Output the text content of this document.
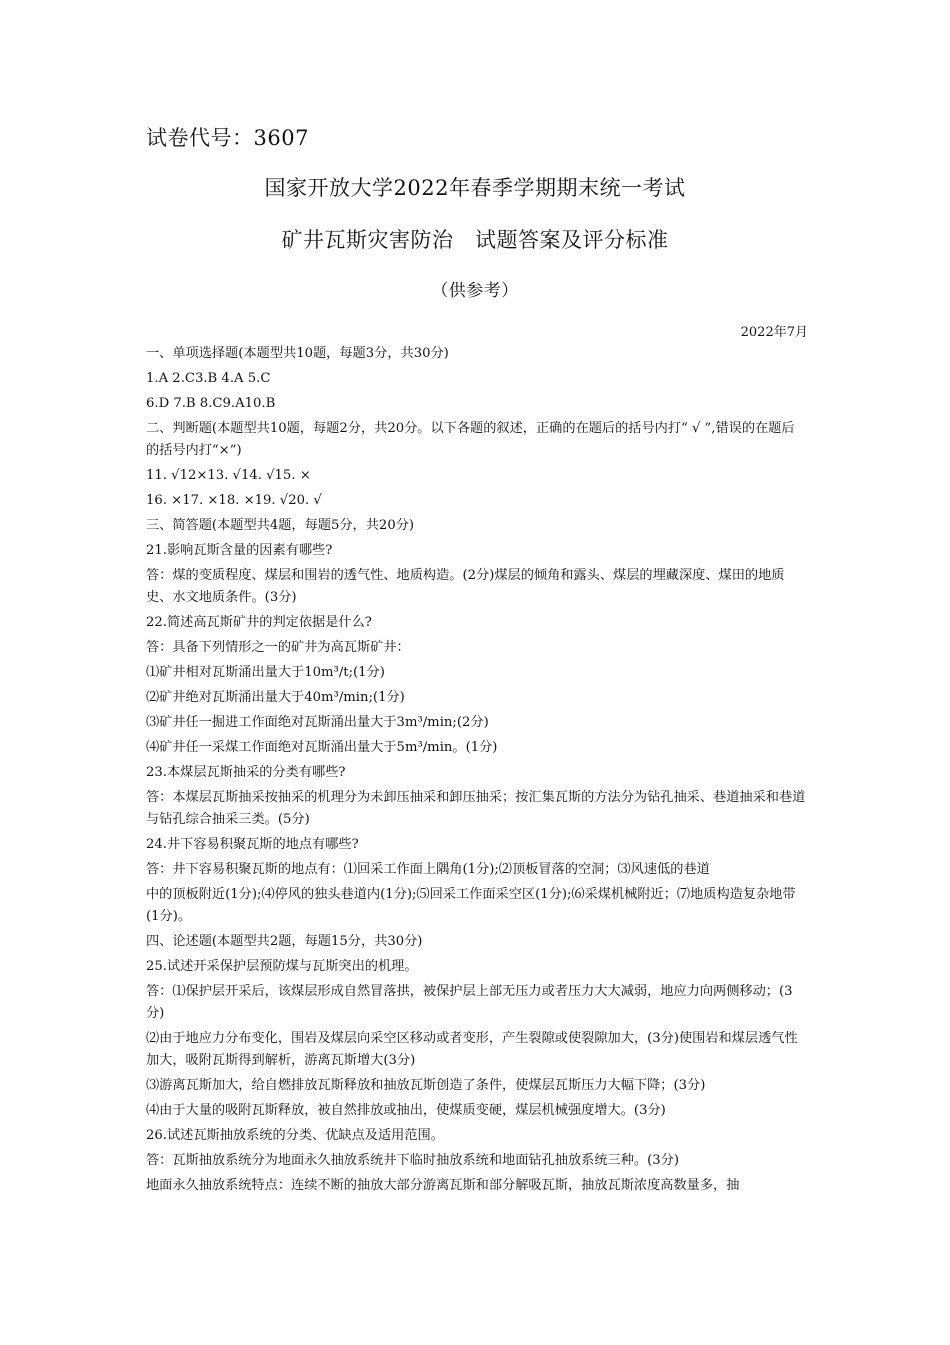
试卷代号：3607
国家开放大学2022年春季学期期末统一考试
矿井瓦斯灾害防治　试题答案及评分标准
（供参考）
2022年7月

一、单项选择题(本题型共10题，每题3分，共30分)

1.A 2.C3.B 4.A 5.C

6.D 7.B 8.C9.A10.B

二、判断题(本题型共10题，每题2分，共20分。以下各题的叙述，正确的在题后的括号内打“ √ ”,错误的在题后的括号内打“×”)

11. √12×13. √14. √15. ×

16. ×17. ×18. ×19. √20. √

三、简答题(本题型共4题，每题5分，共20分)

21.影响瓦斯含量的因素有哪些?

答：煤的变质程度、煤层和围岩的透气性、地质构造。(2分)煤层的倾角和露头、煤层的埋藏深度、煤田的地质史、水文地质条件。(3分)

22.简述高瓦斯矿井的判定依据是什么?

答：具备下列情形之一的矿井为高瓦斯矿井：

⑴矿井相对瓦斯涌出量大于10m³/t;(1分)

⑵矿井绝对瓦斯涌出量大于40m³/min;(1分)

⑶矿井任一掘进工作面绝对瓦斯涌出量大于3m³/min;(2分)

⑷矿井任一采煤工作面绝对瓦斯涌出量大于5m³/min。(1分)

23.本煤层瓦斯抽采的分类有哪些?

答：本煤层瓦斯抽采按抽采的机理分为未卸压抽采和卸压抽采；按汇集瓦斯的方法分为钻孔抽采、巷道抽采和巷道与钻孔综合抽采三类。(5分)

24.井下容易积聚瓦斯的地点有哪些?

答：井下容易积聚瓦斯的地点有：⑴回采工作面上隅角(1分);⑵顶板冒落的空洞；⑶风速低的巷道

中的顶板附近(1分);⑷停风的独头巷道内(1分);⑸回采工作面采空区(1分);⑹采煤机械附近；⑺地质构造复杂地带(1分)。

四、论述题(本题型共2题，每题15分，共30分)

25.试述开采保护层预防煤与瓦斯突出的机理。

答：⑴保护层开采后，该煤层形成自然冒落拱，被保护层上部无压力或者压力大大减弱，地应力向两侧移动；(3分)

⑵由于地应力分布变化，围岩及煤层向采空区移动或者变形，产生裂隙或使裂隙加大，(3分)使围岩和煤层透气性加大，吸附瓦斯得到解析，游离瓦斯增大(3分)

⑶游离瓦斯加大，给自燃排放瓦斯释放和抽放瓦斯创造了条件，使煤层瓦斯压力大幅下降；(3分)

⑷由于大量的吸附瓦斯释放，被自然排放或抽出，使煤质变硬，煤层机械强度增大。(3分)

26.试述瓦斯抽放系统的分类、优缺点及适用范围。

答：瓦斯抽放系统分为地面永久抽放系统井下临时抽放系统和地面钻孔抽放系统三种。(3分)

地面永久抽放系统特点：连续不断的抽放大部分游离瓦斯和部分解吸瓦斯，抽放瓦斯浓度高数量多，抽
